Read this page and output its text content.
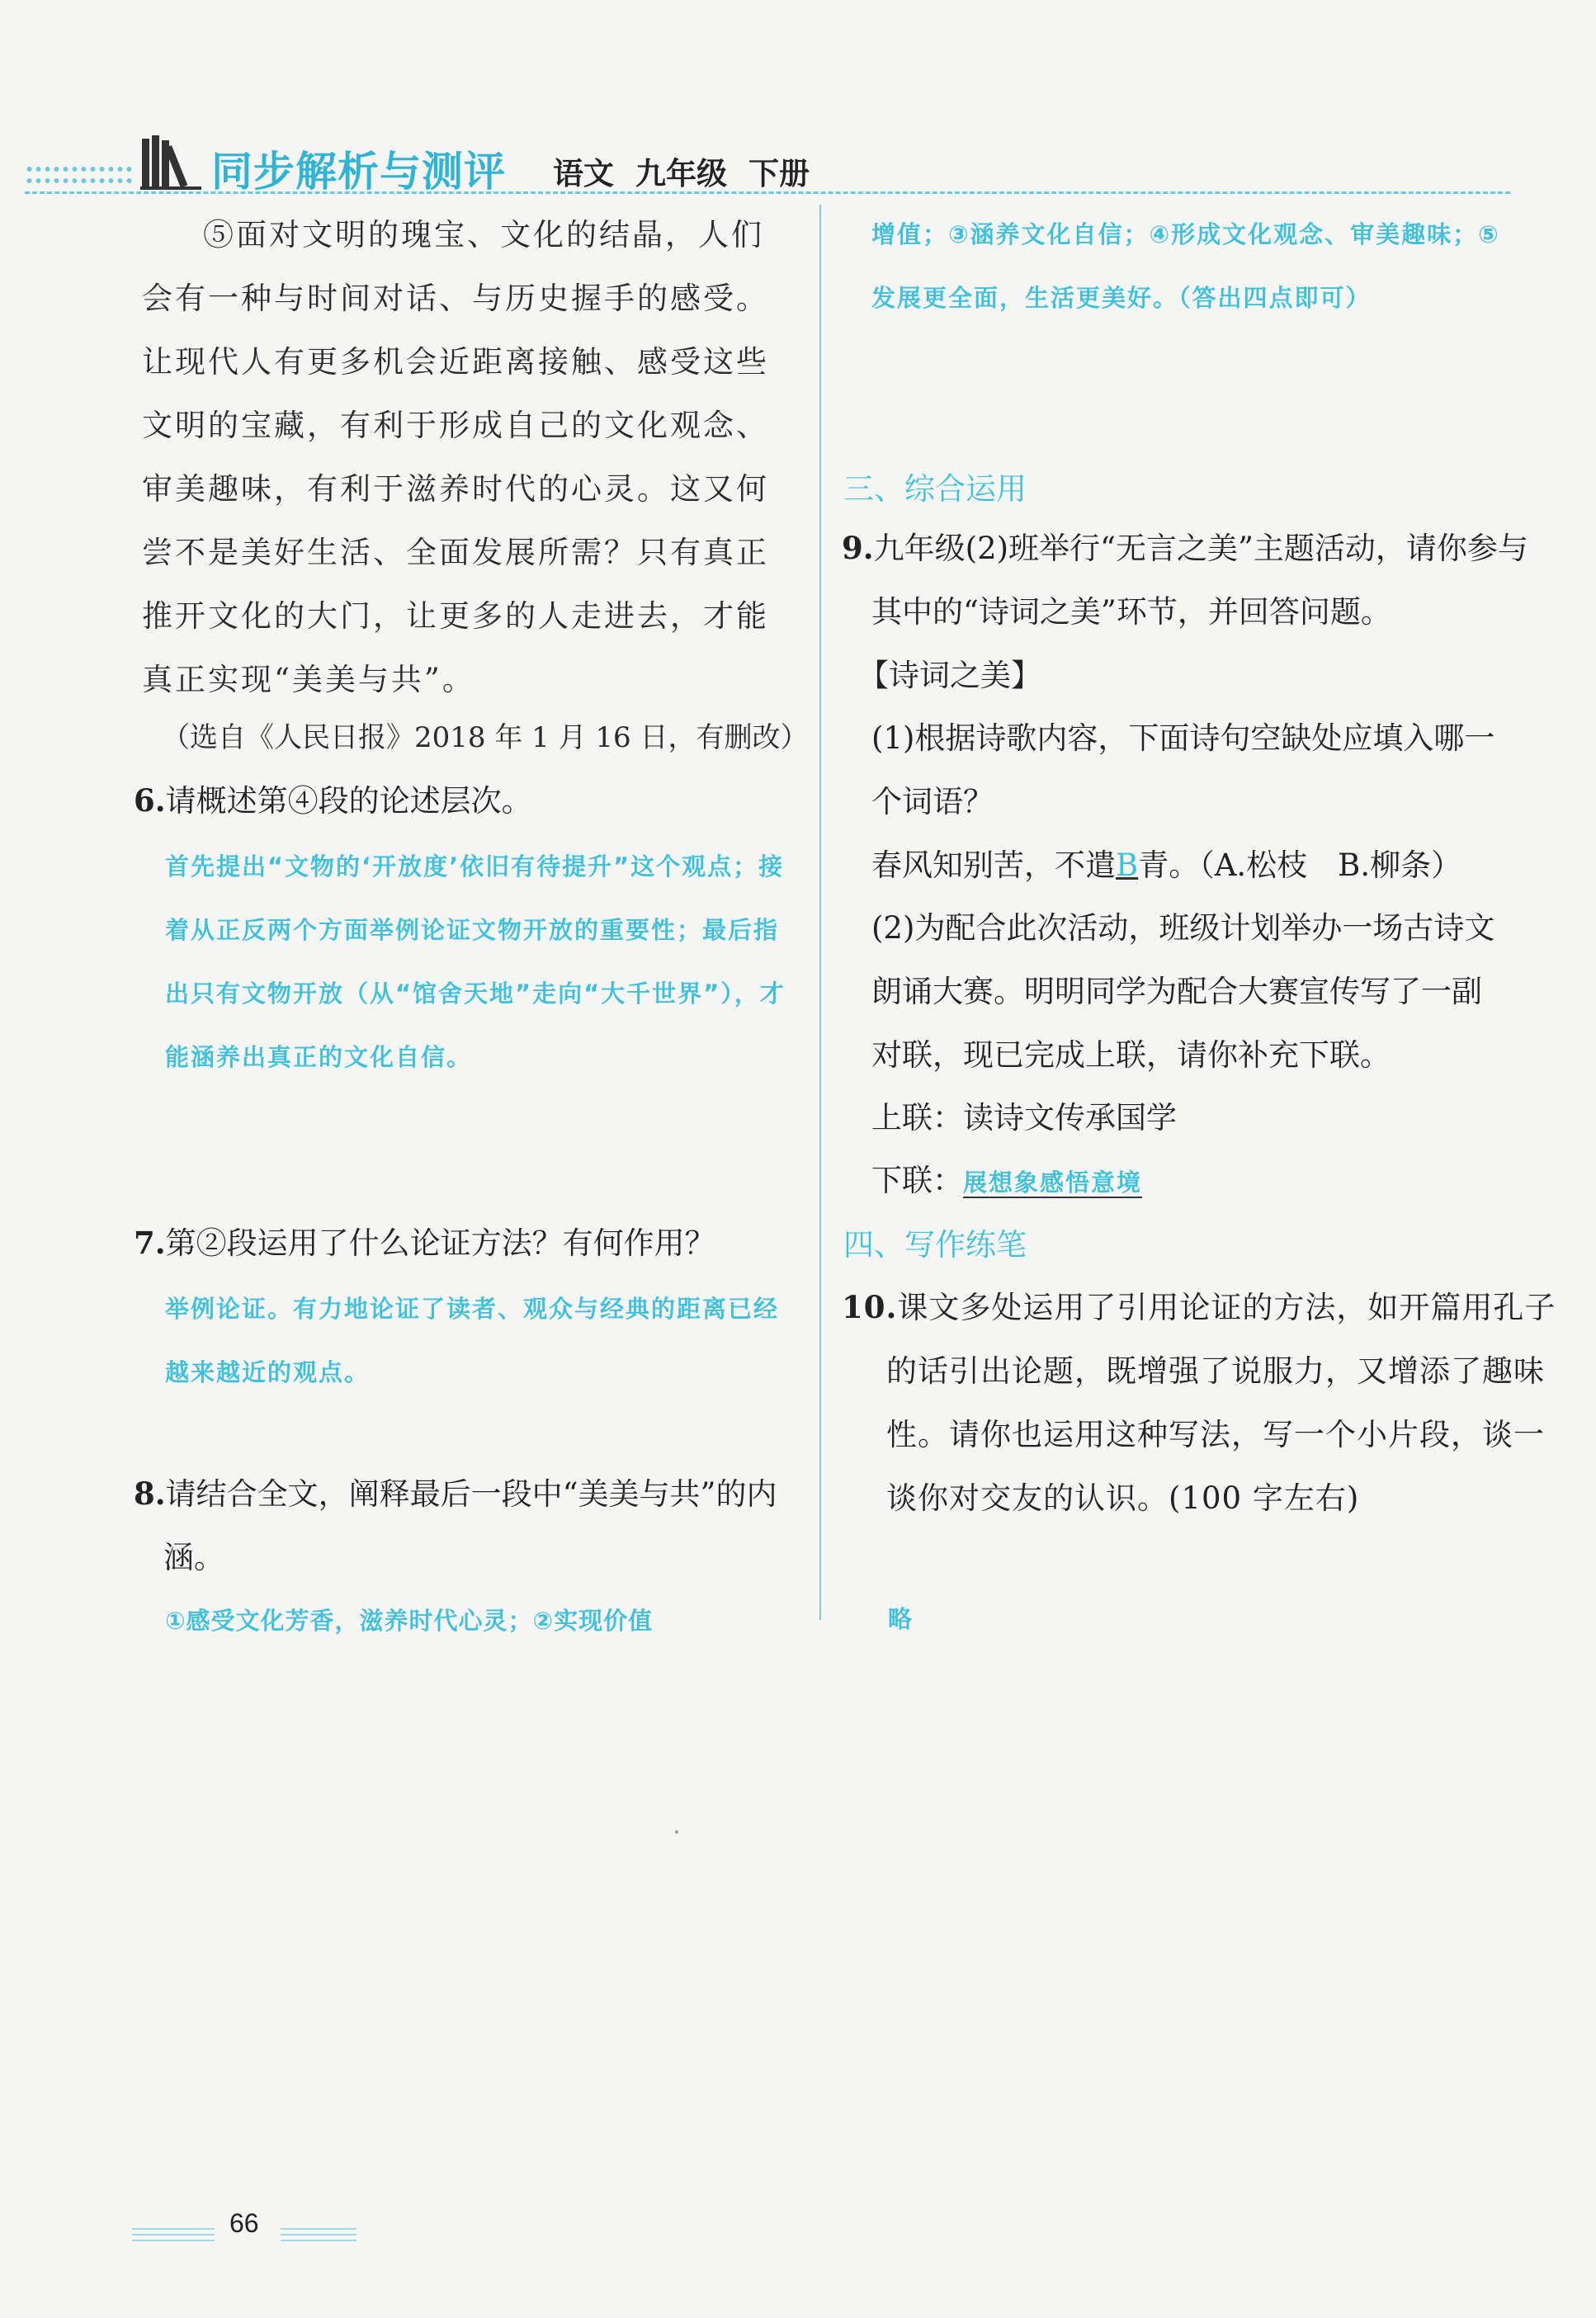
同步解析与测评 语文 九年级 下册
⑤面对文明的瑰宝、文化的结晶，人们会有一种与时间对话、与历史握手的感受。让现代人有更多机会近距离接触、感受这些文明的宝藏，有利于形成自己的文化观念、审美趣味，有利于滋养时代的心灵。这又何尝不是美好生活、全面发展所需？只有真正推开文化的大门，让更多的人走进去，才能真正实现“美美与共”。
（选自《人民日报》2018 年 1 月 16 日，有删改）
6.请概述第④段的论述层次。
首先提出“文物的‘开放度’依旧有待提升”这个观点；接着从正反两个方面举例论证文物开放的重要性；最后指出只有文物开放（从“馆舍天地”走向“大千世界”），才能涵养出真正的文化自信。
7.第②段运用了什么论证方法？有何作用？
举例论证。有力地论证了读者、观众与经典的距离已经越来越近的观点。
8.请结合全文，阐释最后一段中“美美与共”的内涵。
①感受文化芳香，滋养时代心灵；②实现价值
增值；③涵养文化自信；④形成文化观念、审美趣味；⑤发展更全面，生活更美好。（答出四点即可）
三、综合运用
9.九年级(2)班举行“无言之美”主题活动，请你参与其中的“诗词之美”环节，并回答问题。
【诗词之美】
(1)根据诗歌内容，下面诗句空缺处应填入哪一个词语？
春风知别苦，不遣B青。（A.松枝　B.柳条）
(2)为配合此次活动，班级计划举办一场古诗文朗诵大赛。明明同学为配合大赛宣传写了一副对联，现已完成上联，请你补充下联。
上联：读诗文传承国学
下联：展想象感悟意境
四、写作练笔
10.课文多处运用了引用论证的方法，如开篇用孔子的话引出论题，既增强了说服力，又增添了趣味性。请你也运用这种写法，写一个小片段，谈一谈你对交友的认识。(100 字左右)
略
66
